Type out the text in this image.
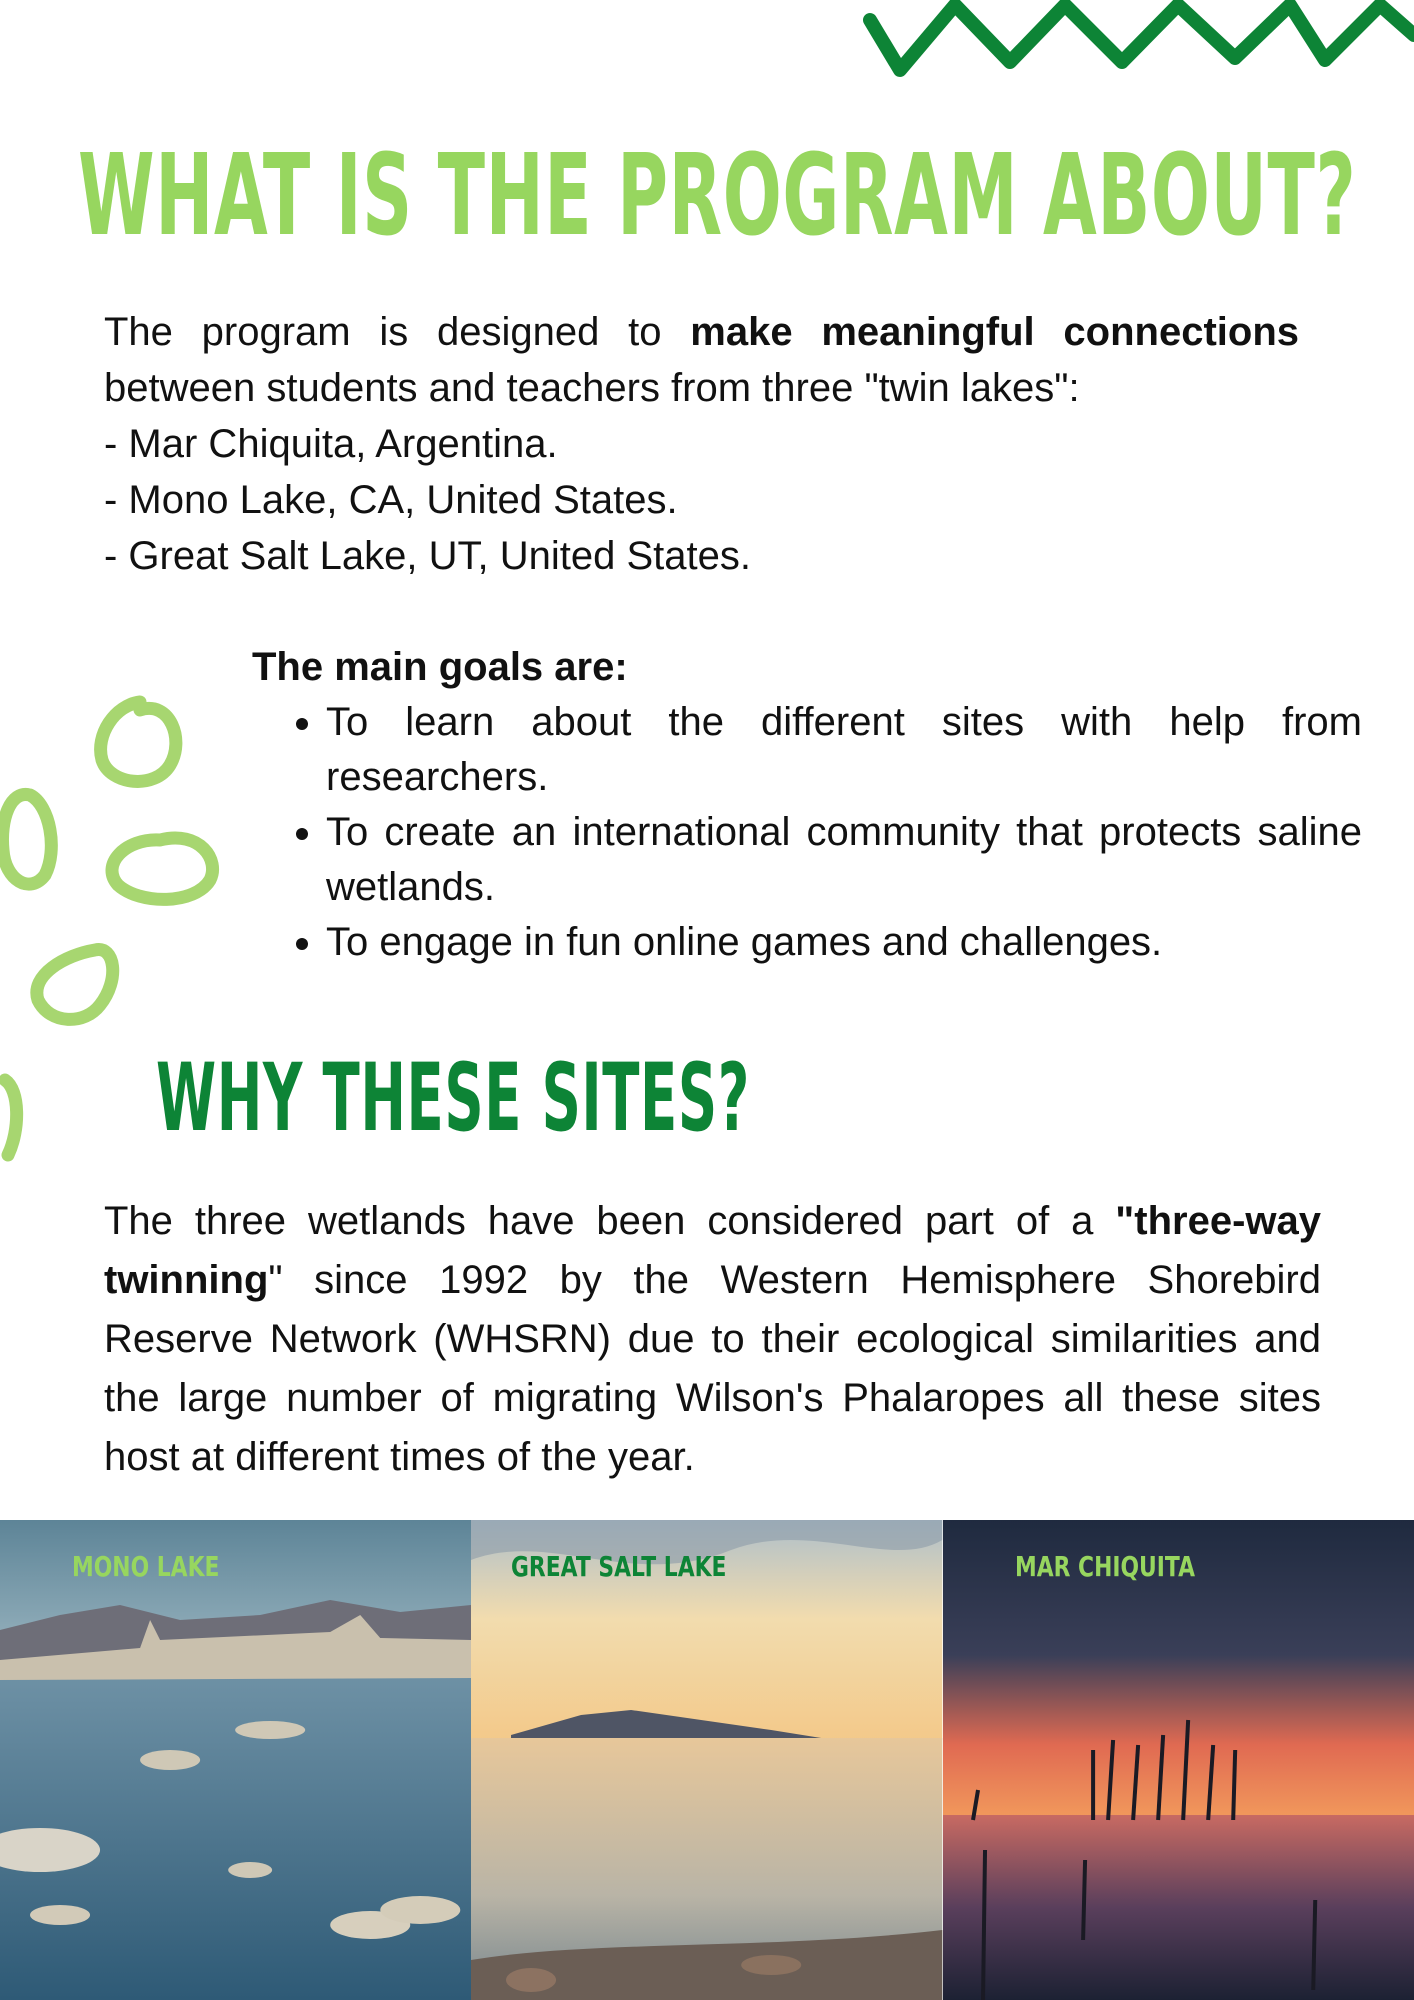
WHAT IS THE PROGRAM ABOUT?

The program is designed to make meaningful connections
between students and teachers from three "twin lakes":
- Mar Chiquita, Argentina.
- Mono Lake, CA, United States.
- Great Salt Lake, UT, United States.

The main goals are:
• To learn about the different sites with help from researchers.
• To create an international community that protects saline wetlands.
• To engage in fun online games and challenges.
WHY THESE SITES?

The three wetlands have been considered part of a "three-way twinning" since 1992 by the Western Hemisphere Shorebird Reserve Network (WHSRN) due to their ecological similarities and the large number of migrating Wilson's Phalaropes all these sites host at different times of the year.

MONO LAKE	GREAT SALT LAKE	MAR CHIQUITA
